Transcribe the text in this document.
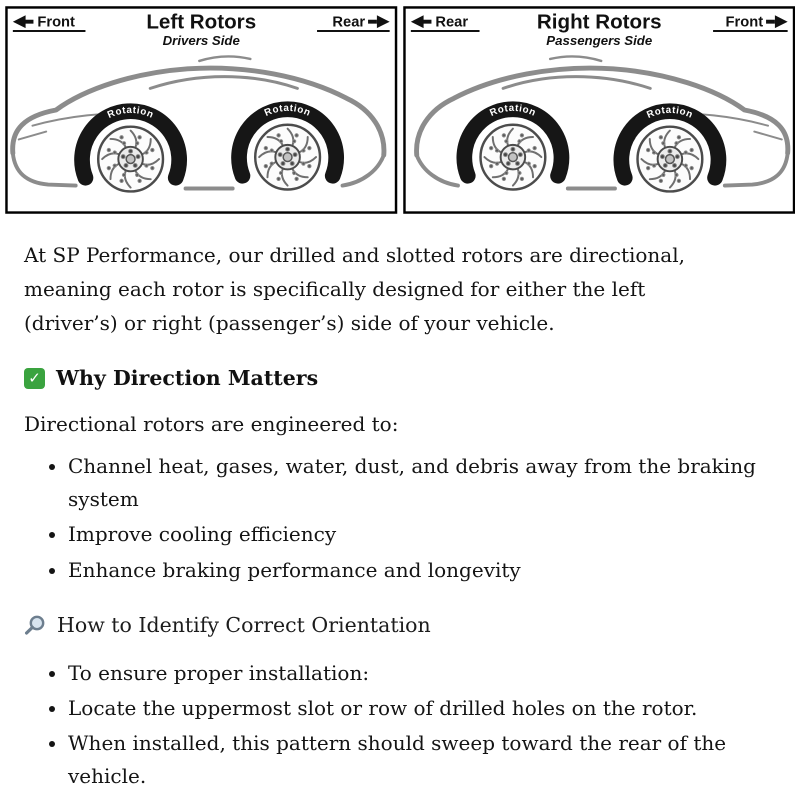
Rotation	Rotation
Front	Left Rotors
Drivers Side
Rear
Rotation	Rotation
Rear	Right Rotors
Passengers Side
Front

At SP Performance, our drilled and slotted rotors are directional, meaning each rotor is specifically designed for either the left (driver’s) or right (passenger’s) side of your vehicle.

✓ Why Direction Matters

Directional rotors are engineered to:

• Channel heat, gases, water, dust, and debris away from the braking system
• Improve cooling efficiency
• Enhance braking performance and longevity
How to Identify Correct Orientation
• To ensure proper installation:
• Locate the uppermost slot or row of drilled holes on the rotor.
• When installed, this pattern should sweep toward the rear of the vehicle.
